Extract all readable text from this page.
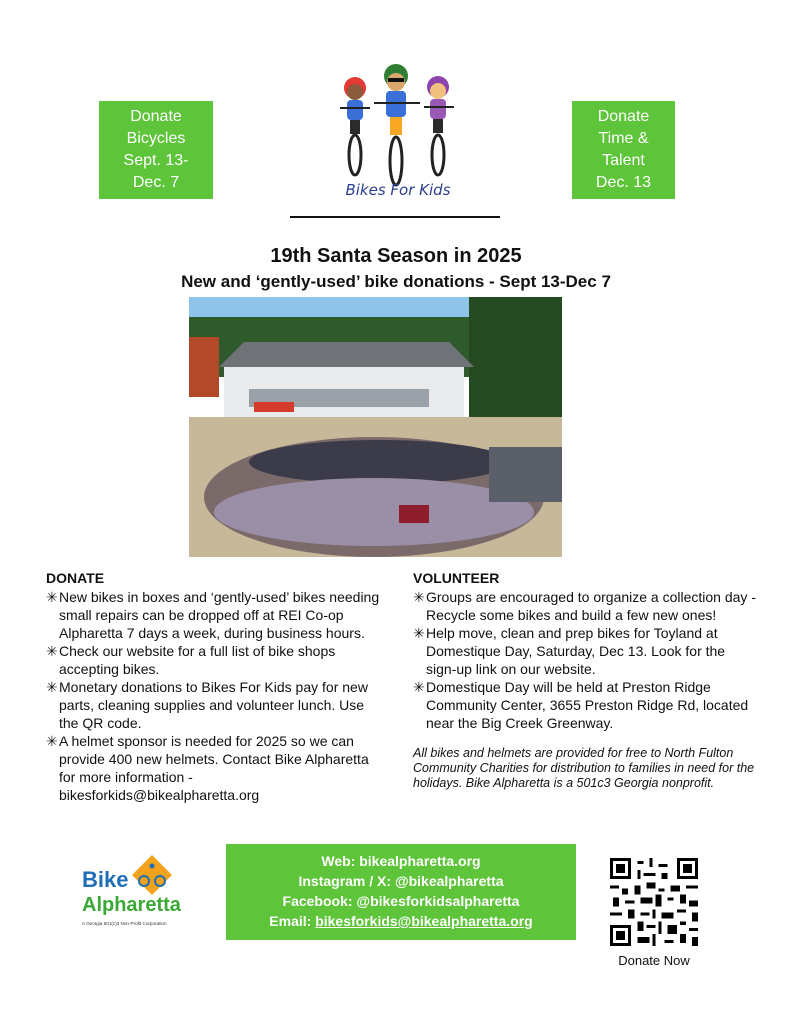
Donate
Bicycles
Sept. 13-
Dec. 7
Donate
Time &
Talent
Dec. 13
Bikes For Kids
19th Santa Season in 2025
New and ‘gently-used’ bike donations - Sept 13-Dec 7
DONATE
✳ New bikes in boxes and ‘gently-used’ bikes needing small repairs can be dropped off at REI Co-op Alpharetta 7 days a week, during business hours.
✳ Check our website for a full list of bike shops accepting bikes.
✳ Monetary donations to Bikes For Kids pay for new parts, cleaning supplies and volunteer lunch. Use the QR code.
✳ A helmet sponsor is needed for 2025 so we can provide 400 new helmets. Contact Bike Alpharetta for more information - bikesforkids@bikealpharetta.org
VOLUNTEER
✳ Groups are encouraged to organize a collection day - Recycle some bikes and build a few new ones!
✳ Help move, clean and prep bikes for Toyland at Domestique Day, Saturday, Dec 13. Look for the sign-up link on our website.
✳ Domestique Day will be held at Preston Ridge Community Center, 3655 Preston Ridge Rd, located near the Big Creek Greenway.

All bikes and helmets are provided for free to North Fulton Community Charities for distribution to families in need for the holidays. Bike Alpharetta is a 501c3 Georgia nonprofit.

Bike
Alpharetta
A Georgia 501(c)3 Non-Profit Corporation
Web: bikealpharetta.org
Instagram / X: @bikealpharetta
Facebook: @bikesforkidsalpharetta
Email: bikesforkids@bikealpharetta.org
Donate Now
